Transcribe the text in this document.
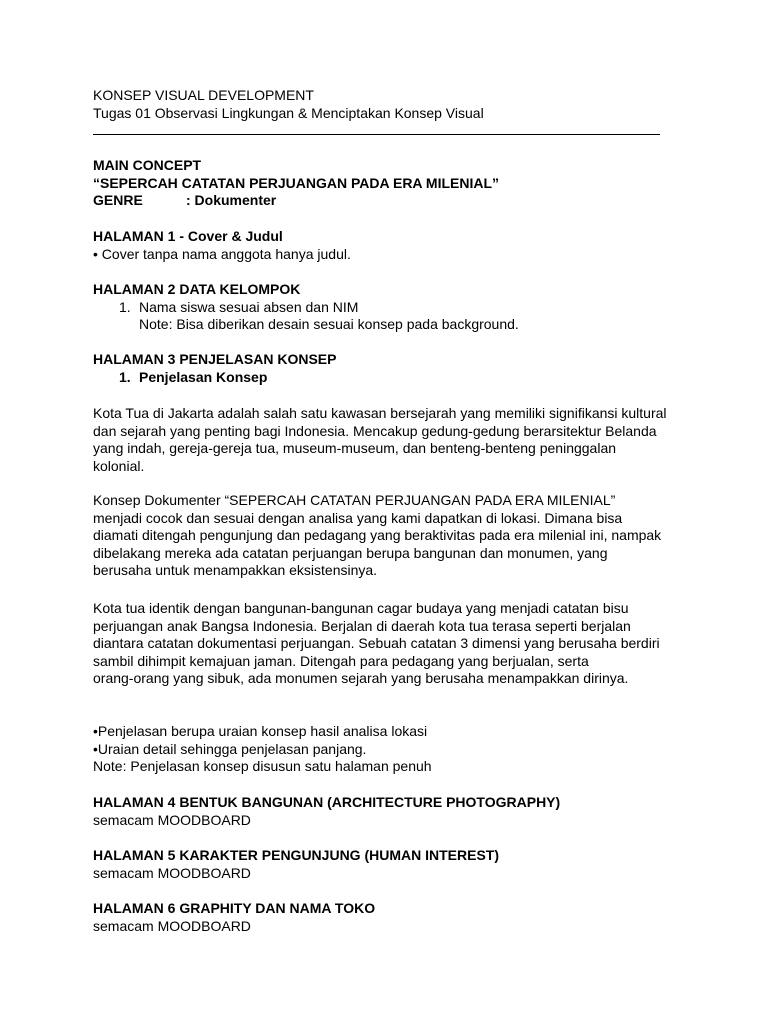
KONSEP VISUAL DEVELOPMENT
Tugas 01 Observasi Lingkungan & Menciptakan Konsep Visual
MAIN CONCEPT
“SEPERCAH CATATAN PERJUANGAN PADA ERA MILENIAL”
GENRE	: Dokumenter
HALAMAN 1 - Cover & Judul
• Cover tanpa nama anggota hanya judul.
HALAMAN 2 DATA KELOMPOK
1. Nama siswa sesuai absen dan NIM
Note: Bisa diberikan desain sesuai konsep pada background.
HALAMAN 3 PENJELASAN KONSEP
1. Penjelasan Konsep
Kota Tua di Jakarta adalah salah satu kawasan bersejarah yang memiliki signifikansi kultural
dan sejarah yang penting bagi Indonesia. Mencakup gedung-gedung berarsitektur Belanda
yang indah, gereja-gereja tua, museum-museum, dan benteng-benteng peninggalan
kolonial.
Konsep Dokumenter “SEPERCAH CATATAN PERJUANGAN PADA ERA MILENIAL”
menjadi cocok dan sesuai dengan analisa yang kami dapatkan di lokasi. Dimana bisa
diamati ditengah pengunjung dan pedagang yang beraktivitas pada era milenial ini, nampak
dibelakang mereka ada catatan perjuangan berupa bangunan dan monumen, yang
berusaha untuk menampakkan eksistensinya.
Kota tua identik dengan bangunan-bangunan cagar budaya yang menjadi catatan bisu
perjuangan anak Bangsa Indonesia. Berjalan di daerah kota tua terasa seperti berjalan
diantara catatan dokumentasi perjuangan. Sebuah catatan 3 dimensi yang berusaha berdiri
sambil dihimpit kemajuan jaman. Ditengah para pedagang yang berjualan, serta
orang-orang yang sibuk, ada monumen sejarah yang berusaha menampakkan dirinya.
•Penjelasan berupa uraian konsep hasil analisa lokasi
•Uraian detail sehingga penjelasan panjang.
Note: Penjelasan konsep disusun satu halaman penuh
HALAMAN 4 BENTUK BANGUNAN (ARCHITECTURE PHOTOGRAPHY)
semacam MOODBOARD
HALAMAN 5 KARAKTER PENGUNJUNG (HUMAN INTEREST)
semacam MOODBOARD
HALAMAN 6 GRAPHITY DAN NAMA TOKO
semacam MOODBOARD
